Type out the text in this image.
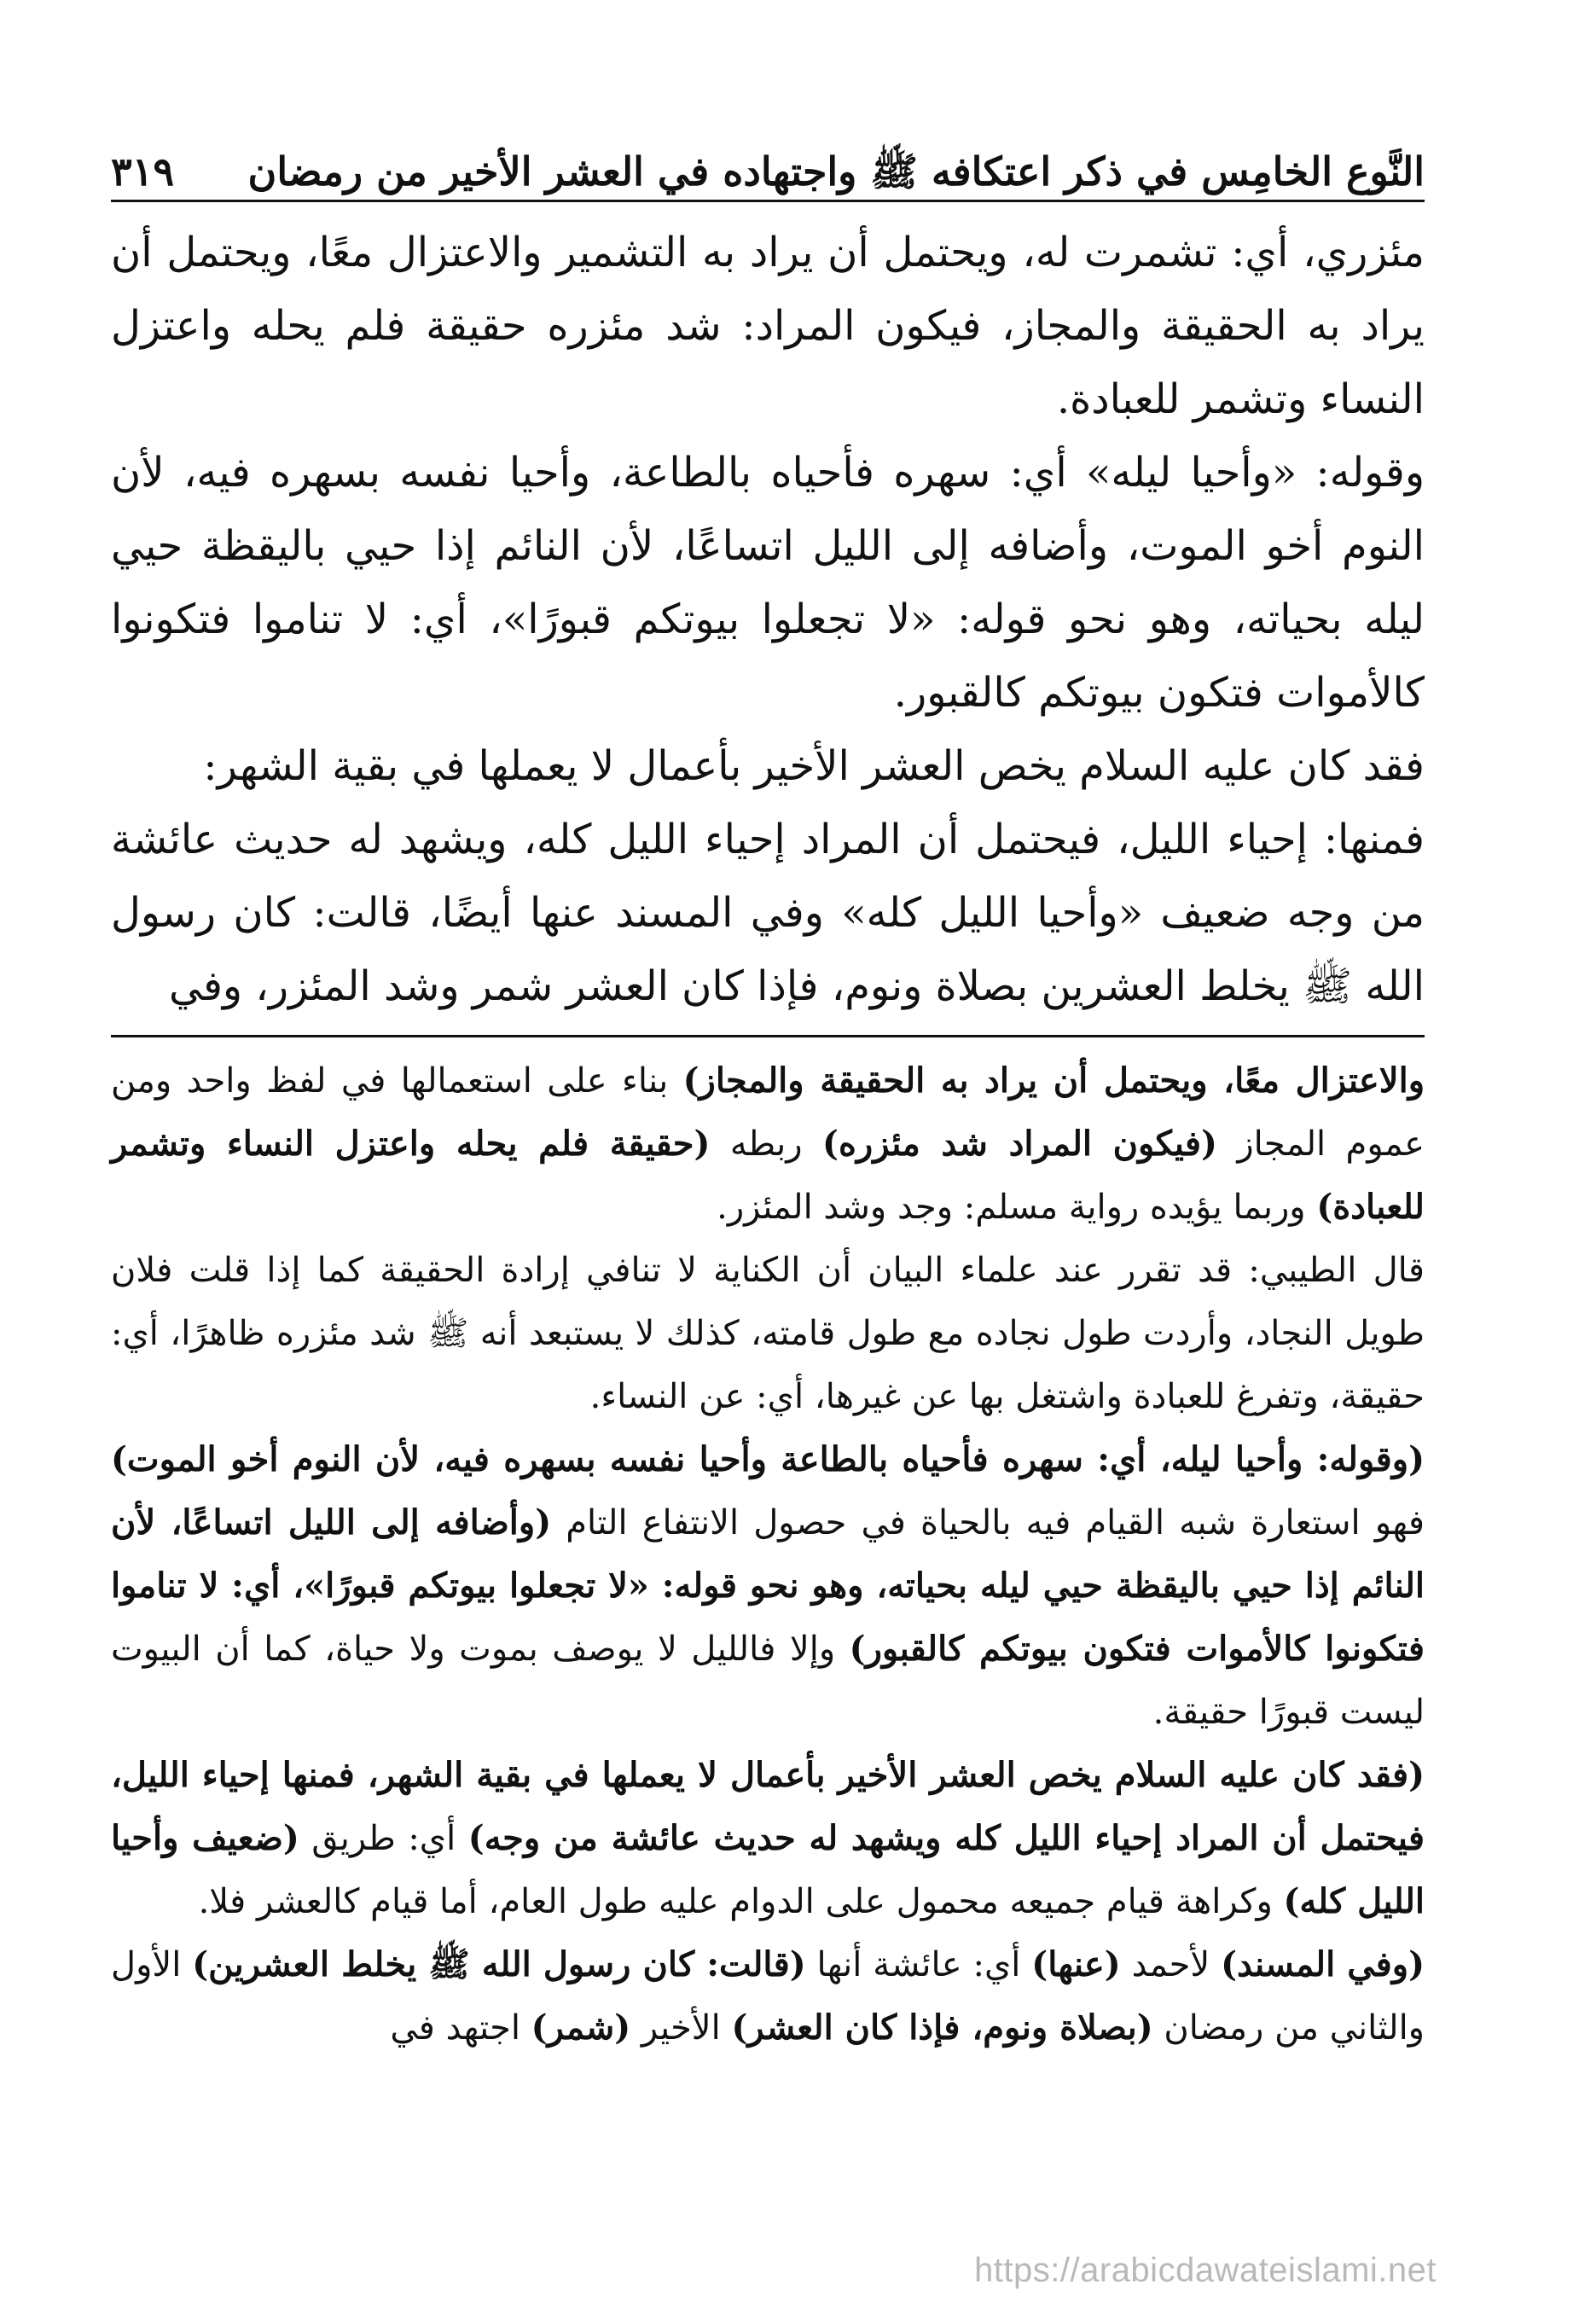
النَّوع الخامِس في ذكر اعتكافه ﷺ واجتهاده في العشر الأخير من رمضان
٣١٩

مئزري، أي: تشمرت له، ويحتمل أن يراد به التشمير والاعتزال معًا، ويحتمل أن يراد به الحقيقة والمجاز، فيكون المراد: شد مئزره حقيقة فلم يحله واعتزل النساء وتشمر للعبادة.

وقوله: «وأحيا ليله» أي: سهره فأحياه بالطاعة، وأحيا نفسه بسهره فيه، لأن النوم أخو الموت، وأضافه إلى الليل اتساعًا، لأن النائم إذا حيي باليقظة حيي ليله بحياته، وهو نحو قوله: «لا تجعلوا بيوتكم قبورًا»، أي: لا تناموا فتكونوا كالأموات فتكون بيوتكم كالقبور.

فقد كان عليه السلام يخص العشر الأخير بأعمال لا يعملها في بقية الشهر:

فمنها: إحياء الليل، فيحتمل أن المراد إحياء الليل كله، ويشهد له حديث عائشة من وجه ضعيف «وأحيا الليل كله» وفي المسند عنها أيضًا، قالت: كان رسول الله ﷺ يخلط العشرين بصلاة ونوم، فإذا كان العشر شمر وشد المئزر، وفي

والاعتزال معًا، ويحتمل أن يراد به الحقيقة والمجاز) بناء على استعمالها في لفظ واحد ومن عموم المجاز (فيكون المراد شد مئزره) ربطه (حقيقة فلم يحله واعتزل النساء وتشمر للعبادة) وربما يؤيده رواية مسلم: وجد وشد المئزر.

قال الطيبي: قد تقرر عند علماء البيان أن الكناية لا تنافي إرادة الحقيقة كما إذا قلت فلان طويل النجاد، وأردت طول نجاده مع طول قامته، كذلك لا يستبعد أنه ﷺ شد مئزره ظاهرًا، أي: حقيقة، وتفرغ للعبادة واشتغل بها عن غيرها، أي: عن النساء.

(وقوله: وأحيا ليله، أي: سهره فأحياه بالطاعة وأحيا نفسه بسهره فيه، لأن النوم أخو الموت) فهو استعارة شبه القيام فيه بالحياة في حصول الانتفاع التام (وأضافه إلى الليل اتساعًا، لأن النائم إذا حيي باليقظة حيي ليله بحياته، وهو نحو قوله: «لا تجعلوا بيوتكم قبورًا»، أي: لا تناموا فتكونوا كالأموات فتكون بيوتكم كالقبور) وإلا فالليل لا يوصف بموت ولا حياة، كما أن البيوت ليست قبورًا حقيقة.

(فقد كان عليه السلام يخص العشر الأخير بأعمال لا يعملها في بقية الشهر، فمنها إحياء الليل، فيحتمل أن المراد إحياء الليل كله ويشهد له حديث عائشة من وجه) أي: طريق (ضعيف وأحيا الليل كله) وكراهة قيام جميعه محمول على الدوام عليه طول العام، أما قيام كالعشر فلا.

(وفي المسند) لأحمد (عنها) أي: عائشة أنها (قالت: كان رسول الله ﷺ يخلط العشرين) الأول والثاني من رمضان (بصلاة ونوم، فإذا كان العشر) الأخير (شمر) اجتهد في

https://arabicdawateislami.net
